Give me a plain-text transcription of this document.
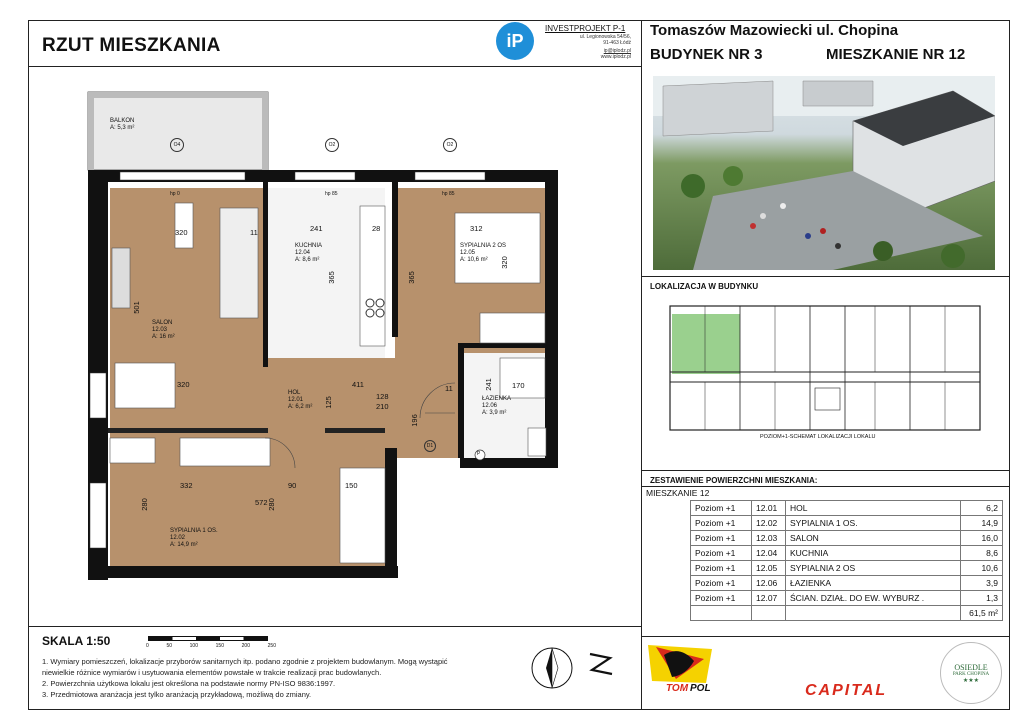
RZUT MIESZKANIA	iP
INVESTPROJEKT P-1
ul. Legionowska 54/56,
91-463 Łódź
ip@iplodz.pl
www.iplodz.pl
Tomaszów Mazowiecki ul. Chopina
BUDYNEK NR 3	MIESZKANIE NR 12
LOKALIZACJA W BUDYNKU
POZIOM+1-SCHEMAT LOKALIZACJI LOKALU
ZESTAWIENIE POWIERZCHNI MIESZKANIA:
MIESZKANIE 12
Poziom +1	12.01	HOL	6,2
Poziom +1	12.02	SYPIALNIA 1 OS.	14,9
Poziom +1	12.03	SALON	16,0
Poziom +1	12.04	KUCHNIA	8,6
Poziom +1	12.05	SYPIALNIA 2 OS	10,6
Poziom +1	12.06	ŁAZIENKA	3,9
Poziom +1	12.07	ŚCIAN. DZIAŁ. DO EW. WYBURZ .	1,3
			61,5 m²
BALKON
A: 5,3 m²
SALON
12.03
A: 16 m²
KUCHNIA
12.04
A: 8,6 m²
SYPIALNIA 2 OS
12.05
A: 10,6 m²
HOL
12.01
A: 6,2 m²
ŁAZIENKA
12.06
A: 3,9 m²
SYPIALNIA 1 OS.
12.02
A: 14,9 m²
320	241	28	312
501
365	365
320
320	411
128
210
170
332
572
90	150
280	280
125
196
241
11
11
O4	O2	O2
hp 0	hp 85	hp 85
D1
P
SKALA 1:50	0	50	100	150	200	250
1. Wymiary pomieszczeń, lokalizacje przyborów sanitarnych itp. podano zgodnie z projektem budowlanym. Mogą wystąpić
niewielkie różnice wymiarów i usytuowania elementów powstałe w trakcie realizacji prac budowlanych.
2. Powierzchnia użytkowa lokalu jest określona na podstawie normy PN-ISO 9836:1997.
3. Przedmiotowa aranżacja jest tylko aranżacją przykładową, możliwą do zmiany.
TOM POL	CAPITAL
OSIEDLE
PARK CHOPINA
★★★
